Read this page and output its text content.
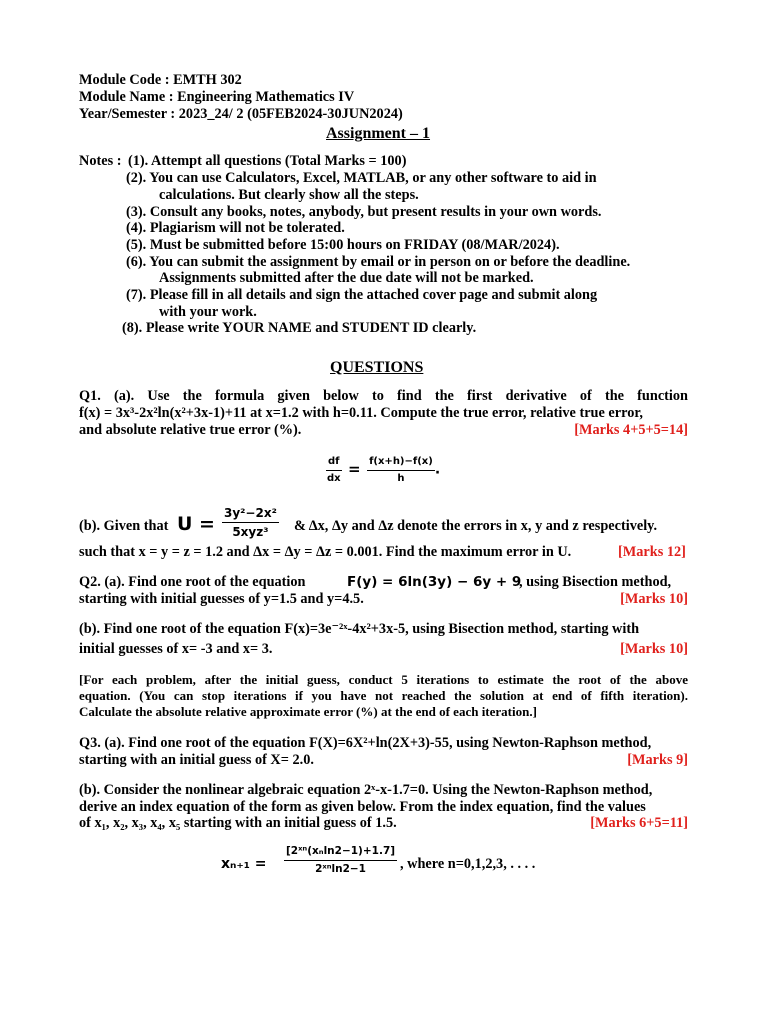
Module Code : EMTH 302
Module Name : Engineering Mathematics IV
Year/Semester : 2023_24/ 2 (05FEB2024-30JUN2024)
Assignment – 1
Notes : (1). Attempt all questions (Total Marks = 100)
(2). You can use Calculators, Excel, MATLAB, or any other software to aid in
calculations. But clearly show all the steps.
(3). Consult any books, notes, anybody, but present results in your own words.
(4). Plagiarism will not be tolerated.
(5). Must be submitted before 15:00 hours on FRIDAY (08/MAR/2024).
(6). You can submit the assignment by email or in person on or before the deadline.
Assignments submitted after the due date will not be marked.
(7). Please fill in all details and sign the attached cover page and submit along
with your work.
(8). Please write YOUR NAME and STUDENT ID clearly.
QUESTIONS
Q1. (a). Use the formula given below to find the first derivative of the function
f(x) = 3x³-2x²ln(x²+3x-1)+11 at x=1.2 with h=0.11. Compute the true error, relative true error,
and absolute relative true error (%).	[Marks 4+5+5=14]
$\frac{df}{dx} = \frac{f(x+h)-f(x)}{h}$ .
(b). Given that $U = \frac{\text{3y²−2x²}}{\text{5xyz³}}$ & Δx, Δy and Δz denote the errors in x, y and z respectively.
such that x = y = z = 1.2 and Δx = Δy = Δz = 0.001. Find the maximum error in U.	[Marks 12]
Q2. (a). Find one root of the equation	F(y) = 6ln(3y) − 6y + 9
, using Bisection method,
starting with initial guesses of y=1.5 and y=4.5.	[Marks 10]
(b). Find one root of the equation F(x)=3e⁻²ˣ-4x²+3x-5, using Bisection method, starting with
initial guesses of x= -3 and x= 3.	[Marks 10]
[For each problem, after the initial guess, conduct 5 iterations to estimate the root of the above
equation. (You can stop iterations if you have not reached the solution at end of fifth iteration).
Calculate the absolute relative approximate error (%) at the end of each iteration.]
Q3. (a). Find one root of the equation F(X)=6X²+ln(2X+3)-55, using Newton-Raphson method,
starting with an initial guess of X= 2.0.	[Marks 9]
(b). Consider the nonlinear algebraic equation 2ˣ-x-1.7=0. Using the Newton-Raphson method,
derive an index equation of the form as given below. From the index equation, find the values
of x₁, x₂, x₃, x₄, x₅ starting with an initial guess of 1.5.	[Marks 6+5=11]
$x_{n+1} = \frac{\text{[2ˣⁿ(xₙln2−1)+1.7]}}{\text{2ˣⁿln2−1}}$ , where n=0,1,2,3, . . . .
